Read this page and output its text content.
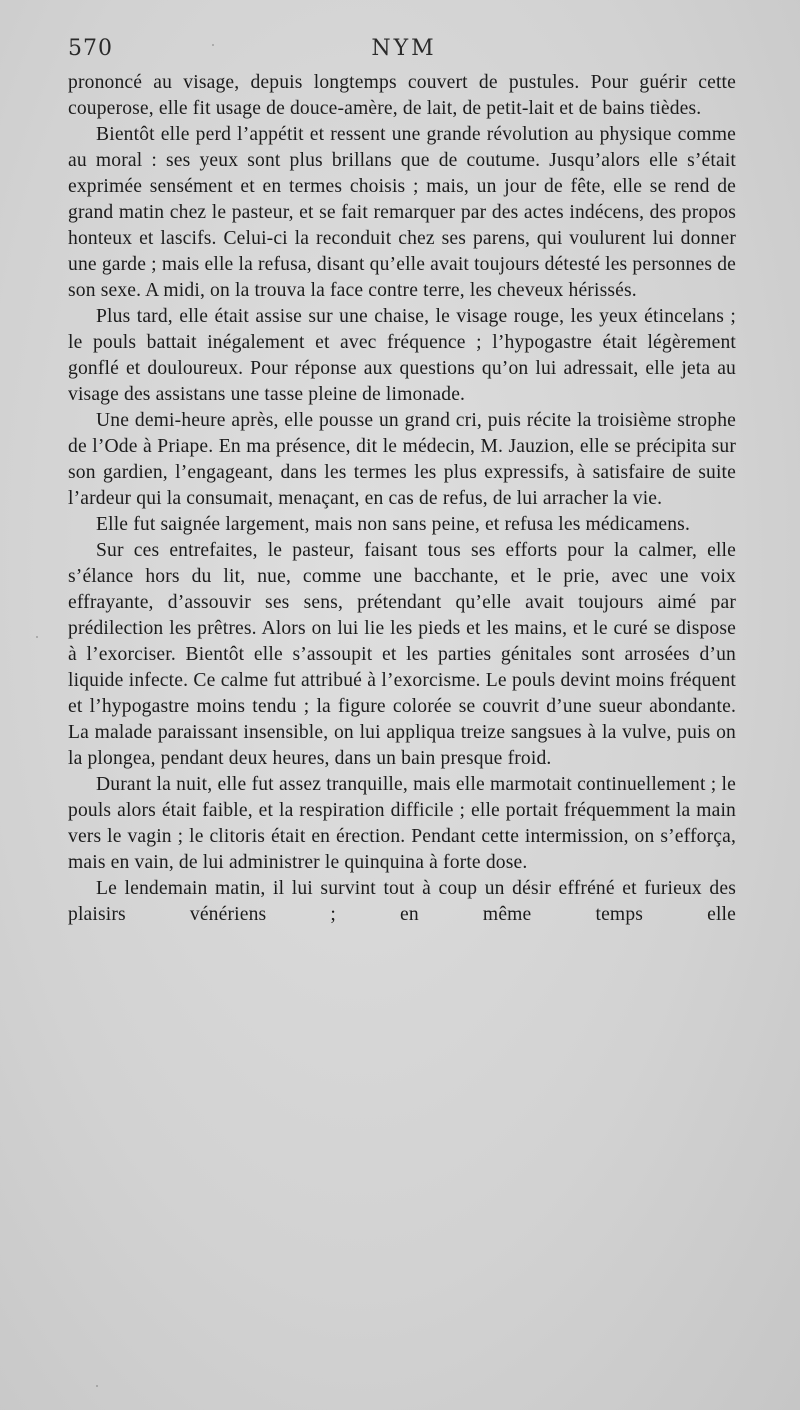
570	NYM

prononcé au visage, depuis longtemps couvert de pustules. Pour guérir cette couperose, elle fit usage de douce-amère, de lait, de petit-lait et de bains tièdes.

Bientôt elle perd l’appétit et ressent une grande révolution au physique comme au moral : ses yeux sont plus brillans que de coutume. Jusqu’alors elle s’était exprimée sensément et en termes choisis ; mais, un jour de fête, elle se rend de grand matin chez le pasteur, et se fait remarquer par des actes indécens, des propos honteux et lascifs. Celui-ci la reconduit chez ses parens, qui voulurent lui donner une garde ; mais elle la refusa, disant qu’elle avait toujours détesté les personnes de son sexe. A midi, on la trouva la face contre terre, les cheveux hérissés.

Plus tard, elle était assise sur une chaise, le visage rouge, les yeux étincelans ; le pouls battait inégalement et avec fréquence ; l’hypogastre était légèrement gonflé et douloureux. Pour réponse aux questions qu’on lui adressait, elle jeta au visage des assistans une tasse pleine de limonade.

Une demi-heure après, elle pousse un grand cri, puis récite la troisième strophe de l’Ode à Priape. En ma présence, dit le médecin, M. Jauzion, elle se précipita sur son gardien, l’engageant, dans les termes les plus expressifs, à satisfaire de suite l’ardeur qui la consumait, menaçant, en cas de refus, de lui arracher la vie.

Elle fut saignée largement, mais non sans peine, et refusa les médicamens.

Sur ces entrefaites, le pasteur, faisant tous ses efforts pour la calmer, elle s’élance hors du lit, nue, comme une bacchante, et le prie, avec une voix effrayante, d’assouvir ses sens, prétendant qu’elle avait toujours aimé par prédilection les prêtres. Alors on lui lie les pieds et les mains, et le curé se dispose à l’exorciser. Bientôt elle s’assoupit et les parties génitales sont arrosées d’un liquide infecte. Ce calme fut attribué à l’exorcisme. Le pouls devint moins fréquent et l’hypogastre moins tendu ; la figure colorée se couvrit d’une sueur abondante. La malade paraissant insensible, on lui appliqua treize sangsues à la vulve, puis on la plongea, pendant deux heures, dans un bain presque froid.

Durant la nuit, elle fut assez tranquille, mais elle marmotait continuellement ; le pouls alors était faible, et la respiration difficile ; elle portait fréquemment la main vers le vagin ; le clitoris était en érection. Pendant cette intermission, on s’efforça, mais en vain, de lui administrer le quinquina à forte dose.

Le lendemain matin, il lui survint tout à coup un désir effréné et furieux des plaisirs vénériens ; en même temps elle
